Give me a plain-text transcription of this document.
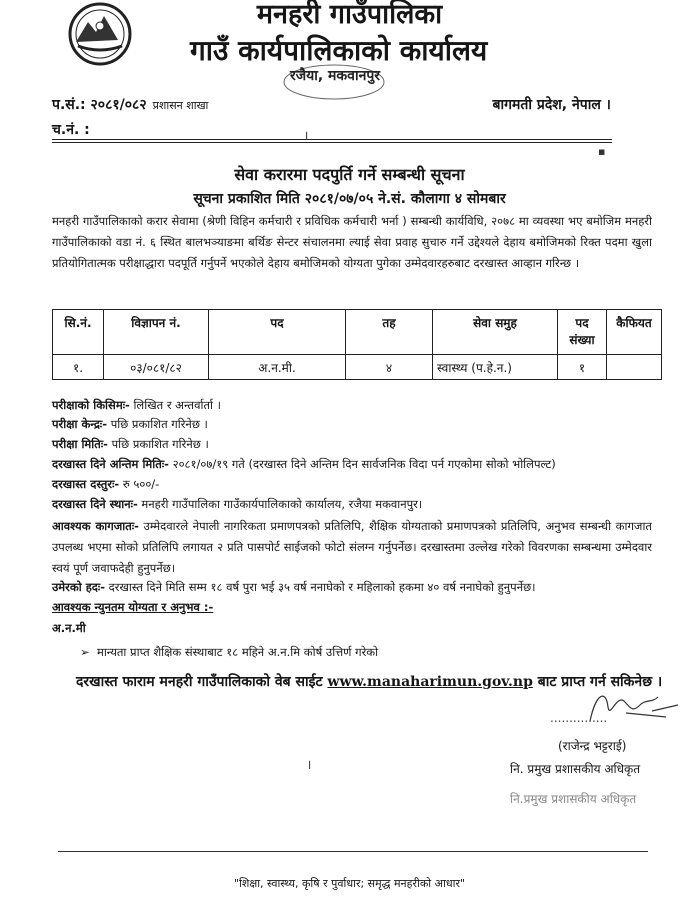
मनहरी गाउँपालिका
गाउँ कार्यपालिकाको कार्यालय
रजैया, मकवानपुर
प.सं.: २०८१/०८२ प्रशासन शाखा	बागमती प्रदेश, नेपाल ।
च.नं. :
सेवा करारमा पदपुर्ति गर्ने सम्बन्धी सूचना
सूचना प्रकाशित मिति २०८१/०७/०५ ने.सं. कौलागा ४ सोमबार
मनहरी गाउँपालिकाको करार सेवामा (श्रेणी विहिन कर्मचारी र प्रविधिक कर्मचारी भर्ना ) सम्बन्धी कार्यविधि, २०७८ मा व्यवस्था भए बमोजिम मनहरी गाउँपालिकाको वडा नं. ६ स्थित बालभञ्याङमा बर्थिङ सेन्टर संचालनमा ल्याई सेवा प्रवाह सुचारु गर्ने उद्देश्यले देहाय बमोजिमको रिक्त पदमा खुला प्रतियोगितात्मक परीक्षाद्धारा पदपूर्ति गर्नुपर्ने भएकोले देहाय बमोजिमको योग्यता पुगेका उम्मेदवारहरुबाट दरखास्त आव्हान गरिन्छ ।
सि.नं.	विज्ञापन नं.	पद	तह	सेवा समुह	पद संख्या	कैफियत
१.	०३/०८१/८२	अ.न.मी.	४	स्वास्थ्य (प.हे.न.)	१	
परीक्षाको किसिमः- लिखित र अन्तर्वार्ता ।
परीक्षा केन्द्रः- पछि प्रकाशित गरिनेछ ।
परीक्षा मितिः- पछि प्रकाशित गरिनेछ ।
दरखास्त दिने अन्तिम मितिः- २०८१/०७/१९ गते (दरखास्त दिने अन्तिम दिन सार्वजनिक विदा पर्न गएकोमा सोको भोलिपल्ट)
दरखास्त दस्तुरः- रु ५००/-
दरखास्त दिने स्थानः- मनहरी गाउँपालिका गाउँकार्यपालिकाको कार्यालय, रजैया मकवानपुर।
आवश्यक कागजातः- उम्मेदवारले नेपाली नागरिकता प्रमाणपत्रको प्रतिलिपि, शैक्षिक योग्यताको प्रमाणपत्रको प्रतिलिपि, अनुभव सम्बन्धी कागजात उपलब्ध भएमा सोको प्रतिलिपि लगायत २ प्रति पासपोर्ट साईजको फोटो संलग्न गर्नुपर्नेछ। दरखास्तमा उल्लेख गरेको विवरणका सम्बन्धमा उम्मेदवार स्वयं पूर्ण जवाफदेही हुनुपर्नेछ।
उमेरको हदः- दरखास्त दिने मिति सम्म १८ वर्ष पुरा भई ३५ वर्ष ननाघेको र महिलाको हकमा ४० वर्ष ननाघेको हुनुपर्नेछ।
आवश्यक न्युनतम योग्यता र अनुभव :-
अ.न.मी
➢ मान्यता प्राप्त शैक्षिक संस्थाबाट १८ महिने अ.न.मि कोर्ष उत्तिर्ण गरेको
दरखास्त फाराम मनहरी गाउँपालिकाको वेब साईट www.manaharimun.gov.np बाट प्राप्त गर्न सकिनेछ ।
...............
(राजेन्द्र भट्टराई)
नि. प्रमुख प्रशासकीय अधिकृत
नि.प्रमुख प्रशासकीय अधिकृत
׀
▪
׀
"शिक्षा, स्वास्थ्य, कृषि र पुर्वाधार; समृद्ध मनहरीको आधार"
